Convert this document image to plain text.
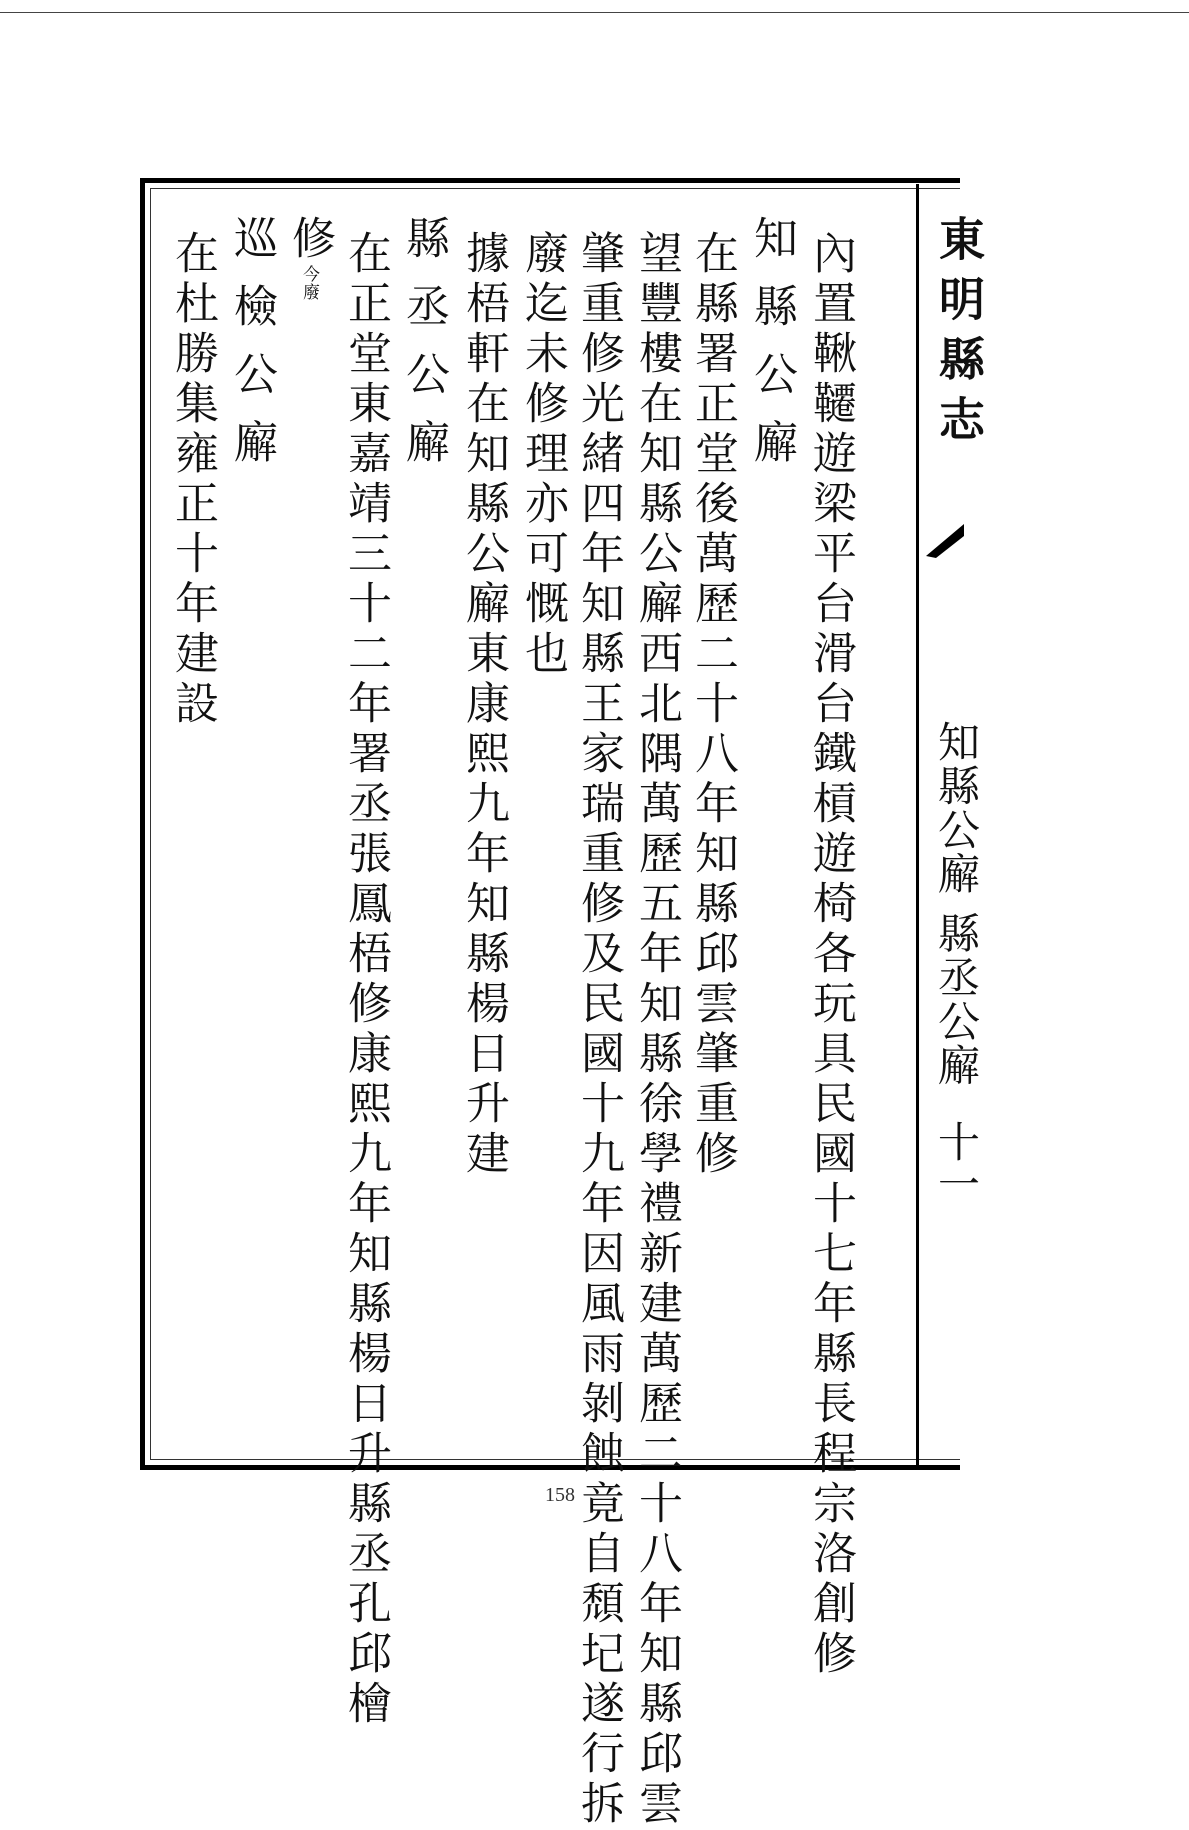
東明縣志
知縣公廨 縣丞公廨
十一
內置鞦韆遊梁平台滑台鐵槓遊椅各玩具民國十七年縣長程宗洛創修
知縣公廨
在縣署正堂後萬歷二十八年知縣邱雲肇重修
望豐樓在知縣公廨西北隅萬歷五年知縣徐學禮新建萬歷二十八年知縣邱雲
肇重修光緒四年知縣王家瑞重修及民國十九年因風雨剝蝕竟自頹圮遂行拆
廢迄未修理亦可慨也
據梧軒在知縣公廨東康熙九年知縣楊日升建
縣丞公廨
在正堂東嘉靖三十二年署丞張鳳梧修康熙九年知縣楊日升縣丞孔邱檜
修今廢
巡檢公廨
在杜勝集雍正十年建設
158
